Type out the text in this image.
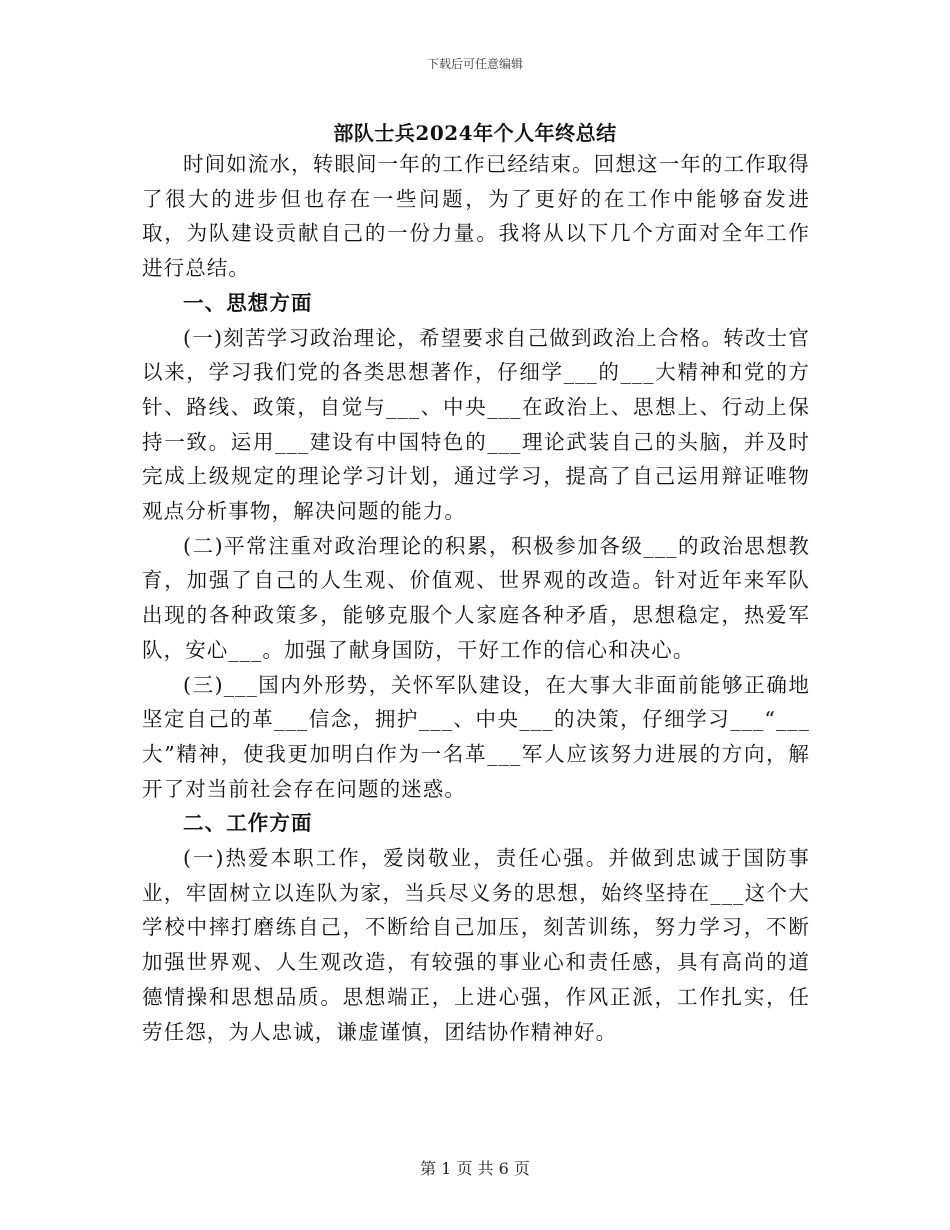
下载后可任意编辑
部队士兵2024年个人年终总结

时间如流水，转眼间一年的工作已经结束。回想这一年的工作取得了很大的进步但也存在一些问题，为了更好的在工作中能够奋发进取，为队建设贡献自己的一份力量。我将从以下几个方面对全年工作进行总结。

一、思想方面

(一)刻苦学习政治理论，希望要求自己做到政治上合格。转改士官以来，学习我们党的各类思想著作，仔细学___的___大精神和党的方针、路线、政策，自觉与___、中央___在政治上、思想上、行动上保持一致。运用___建设有中国特色的___理论武装自己的头脑，并及时完成上级规定的理论学习计划，通过学习，提高了自己运用辩证唯物观点分析事物，解决问题的能力。

(二)平常注重对政治理论的积累，积极参加各级___的政治思想教育，加强了自己的人生观、价值观、世界观的改造。针对近年来军队出现的各种政策多，能够克服个人家庭各种矛盾，思想稳定，热爱军队，安心___。加强了献身国防，干好工作的信心和决心。

(三)___国内外形势，关怀军队建设，在大事大非面前能够正确地坚定自己的革___信念，拥护___、中央___的决策，仔细学习___“___大”精神，使我更加明白作为一名革___军人应该努力进展的方向，解开了对当前社会存在问题的迷惑。

二、工作方面

(一)热爱本职工作，爱岗敬业，责任心强。并做到忠诚于国防事业，牢固树立以连队为家，当兵尽义务的思想，始终坚持在___这个大学校中摔打磨练自己，不断给自己加压，刻苦训练，努力学习，不断加强世界观、人生观改造，有较强的事业心和责任感，具有高尚的道德情操和思想品质。思想端正，上进心强，作风正派，工作扎实，任劳任怨，为人忠诚，谦虚谨慎，团结协作精神好。

第 1 页 共 6 页
